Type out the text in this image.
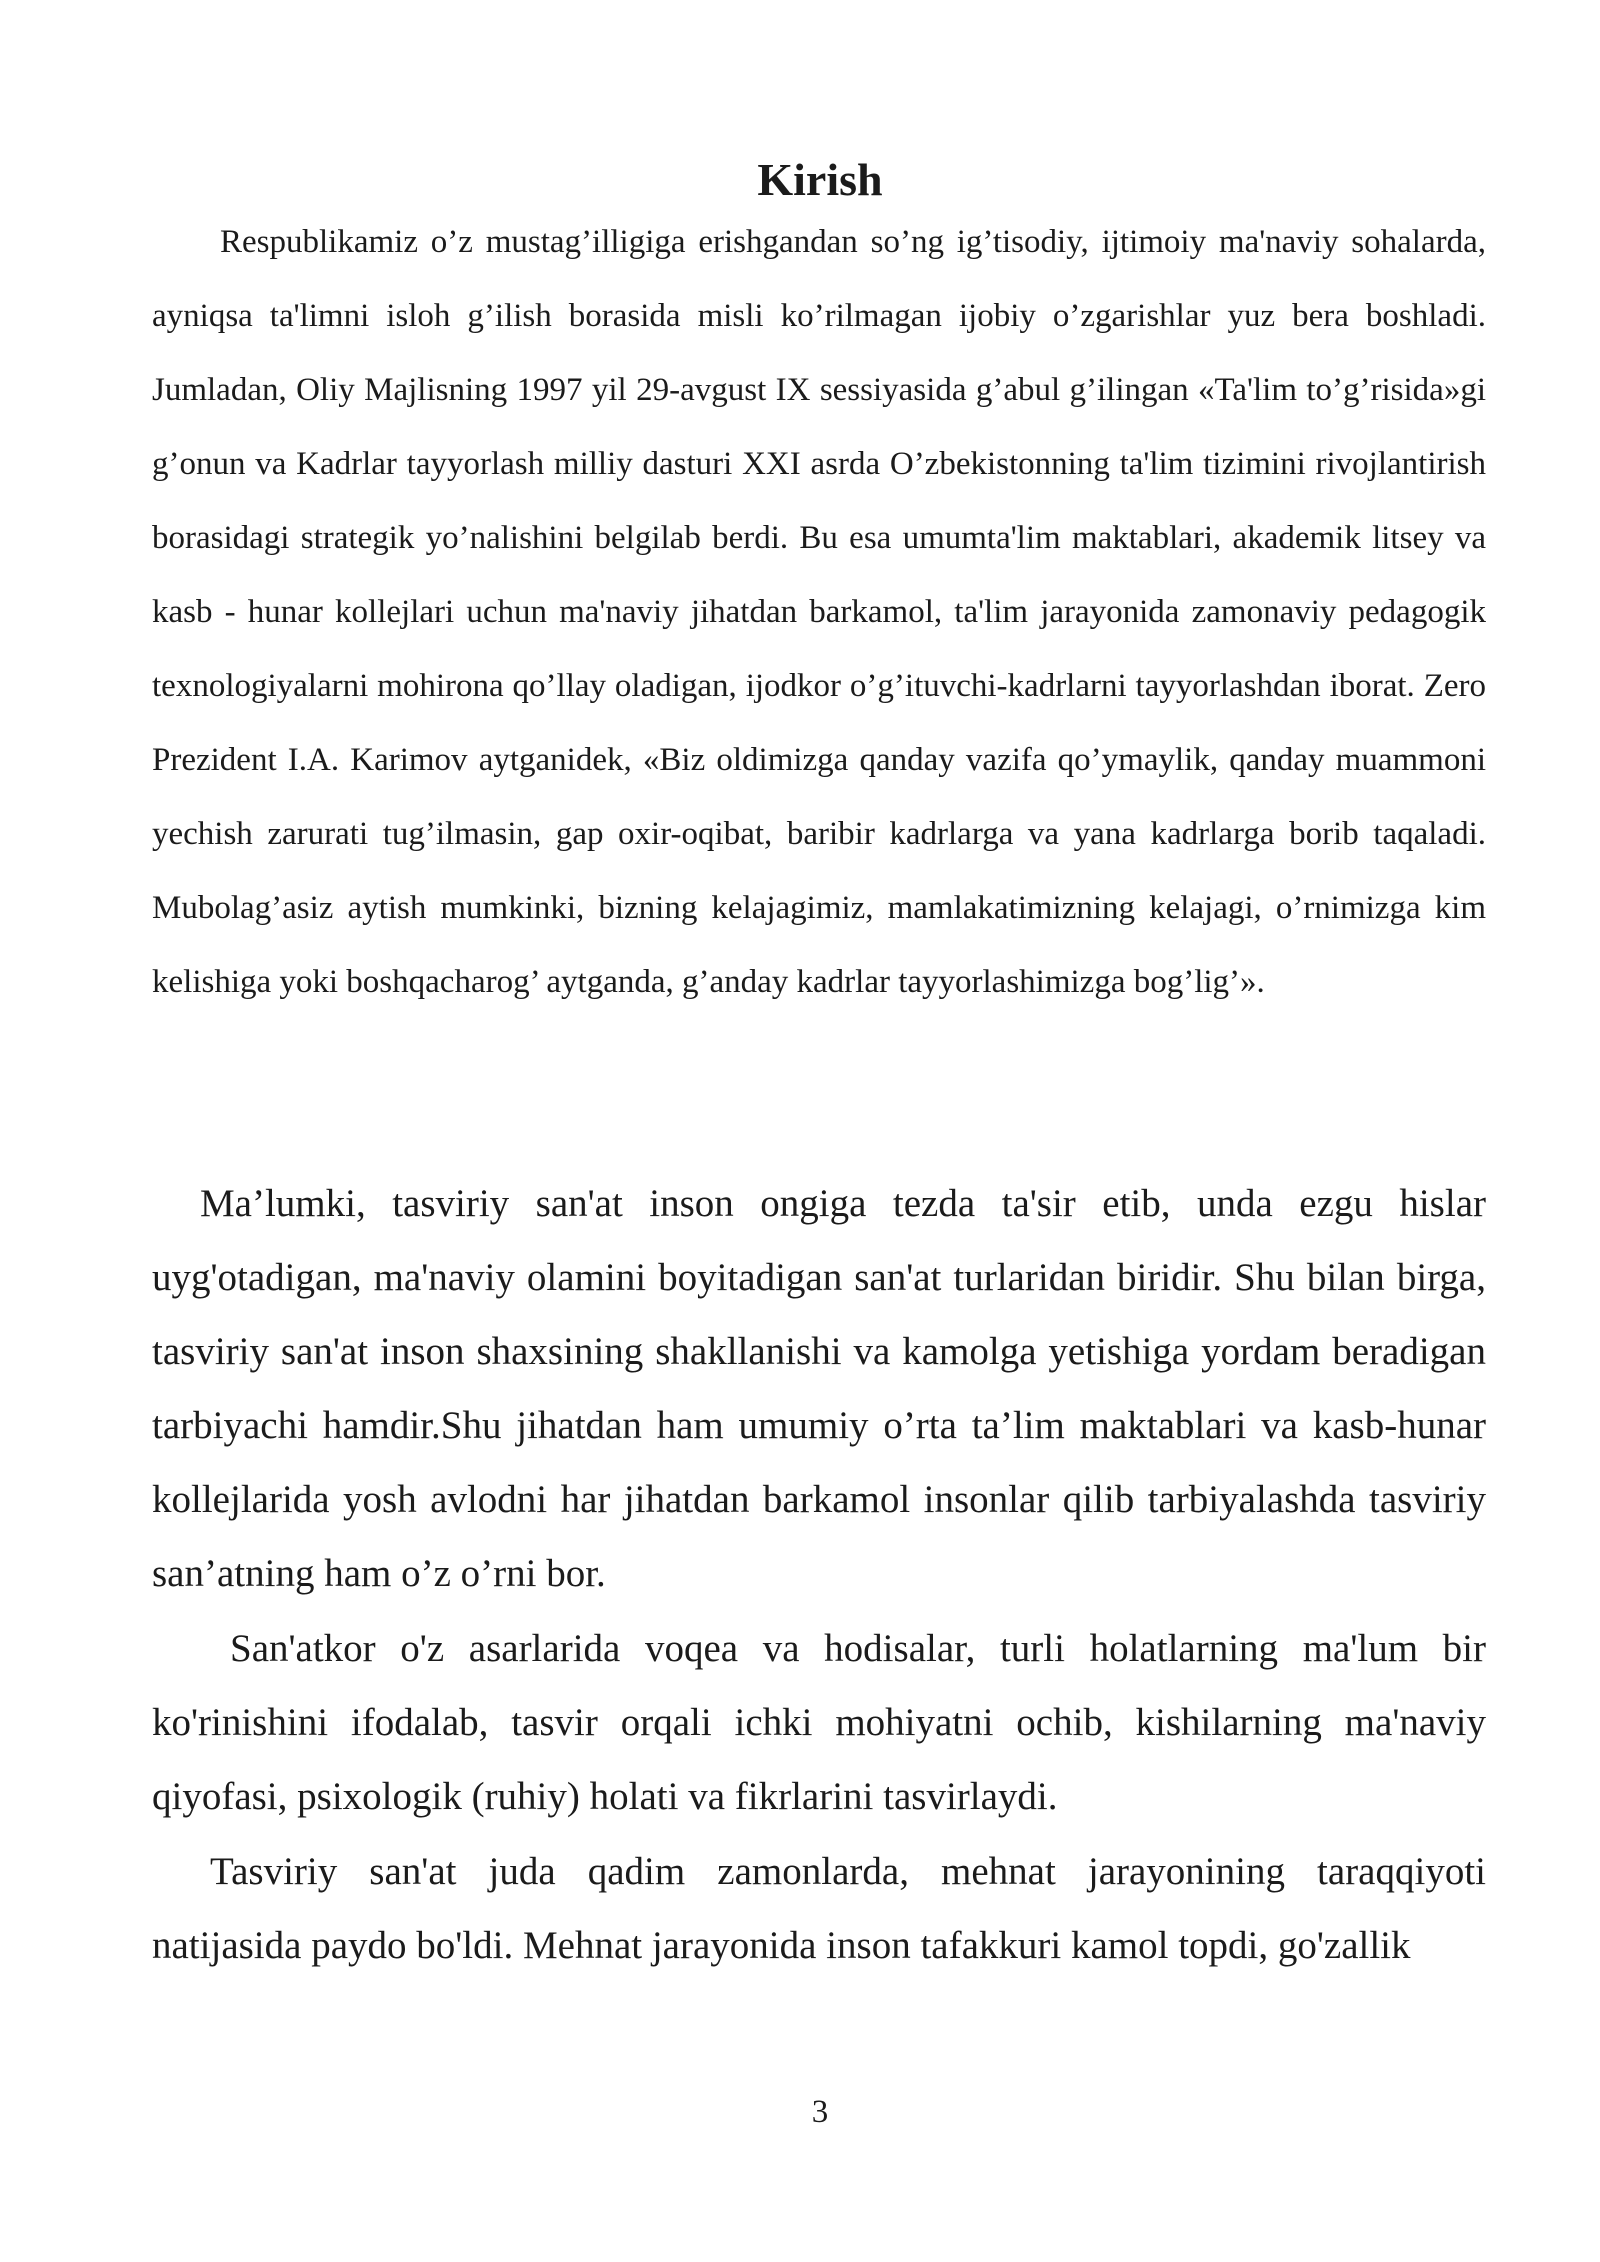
Kirish

Respublikamiz o’z mustag’illigiga erishgandan so’ng ig’tisodiy, ijtimoiy ma'naviy sohalarda, ayniqsa ta'limni isloh g’ilish borasida misli ko’rilmagan ijobiy o’zgarishlar yuz bera boshladi. Jumladan, Oliy Majlisning 1997 yil 29-avgust IX sessiyasida g’abul g’ilingan «Ta'lim to’g’risida»gi g’onun va Kadrlar tayyorlash milliy dasturi XXI asrda O’zbekistonning ta'lim tizimini rivojlantirish borasidagi strategik yo’nalishini belgilab berdi. Bu esa umumta'lim maktablari, akademik litsey va kasb - hunar kollejlari uchun ma'naviy jihatdan barkamol, ta'lim jarayonida zamonaviy pedagogik texnologiyalarni mohirona qo’llay oladigan, ijodkor o’g’ituvchi-kadrlarni tayyorlashdan iborat. Zero Prezident I.A. Karimov aytganidek, «Biz oldimizga qanday vazifa qo’ymaylik, qanday muammoni yechish zarurati tug’ilmasin, gap oxir-oqibat, baribir kadrlarga va yana kadrlarga borib taqaladi. Mubolag’asiz aytish mumkinki, bizning kelajagimiz, mamlakatimizning kelajagi, o’rnimizga kim kelishiga yoki boshqacharog’ aytganda, g’anday kadrlar tayyorlashimizga bog’lig’».

Ma’lumki, tasviriy san'at inson ongiga tezda ta'sir etib, unda ezgu hislar uyg'otadigan, ma'naviy olamini boyitadigan san'at turlaridan biridir. Shu bilan birga, tasviriy san'at inson shaxsining shakllanishi va kamolga yetishiga yordam beradigan tarbiyachi hamdir.Shu jihatdan ham umumiy o’rta ta’lim maktablari va kasb-hunar kollejlarida yosh avlodni har jihatdan barkamol insonlar qilib tarbiyalashda tasviriy san’atning ham o’z o’rni bor.

San'atkor o'z asarlarida voqea va hodisalar, turli holatlarning ma'lum bir ko'rinishini ifodalab, tasvir orqali ichki mohiyatni ochib, kishilarning ma'naviy qiyofasi, psixologik (ruhiy) holati va fikrlarini tasvirlaydi.

Tasviriy san'at juda qadim zamonlarda, mehnat jarayonining taraqqiyoti natijasida paydo bo'ldi. Mehnat jarayonida inson tafakkuri kamol topdi, go'zallik

3
